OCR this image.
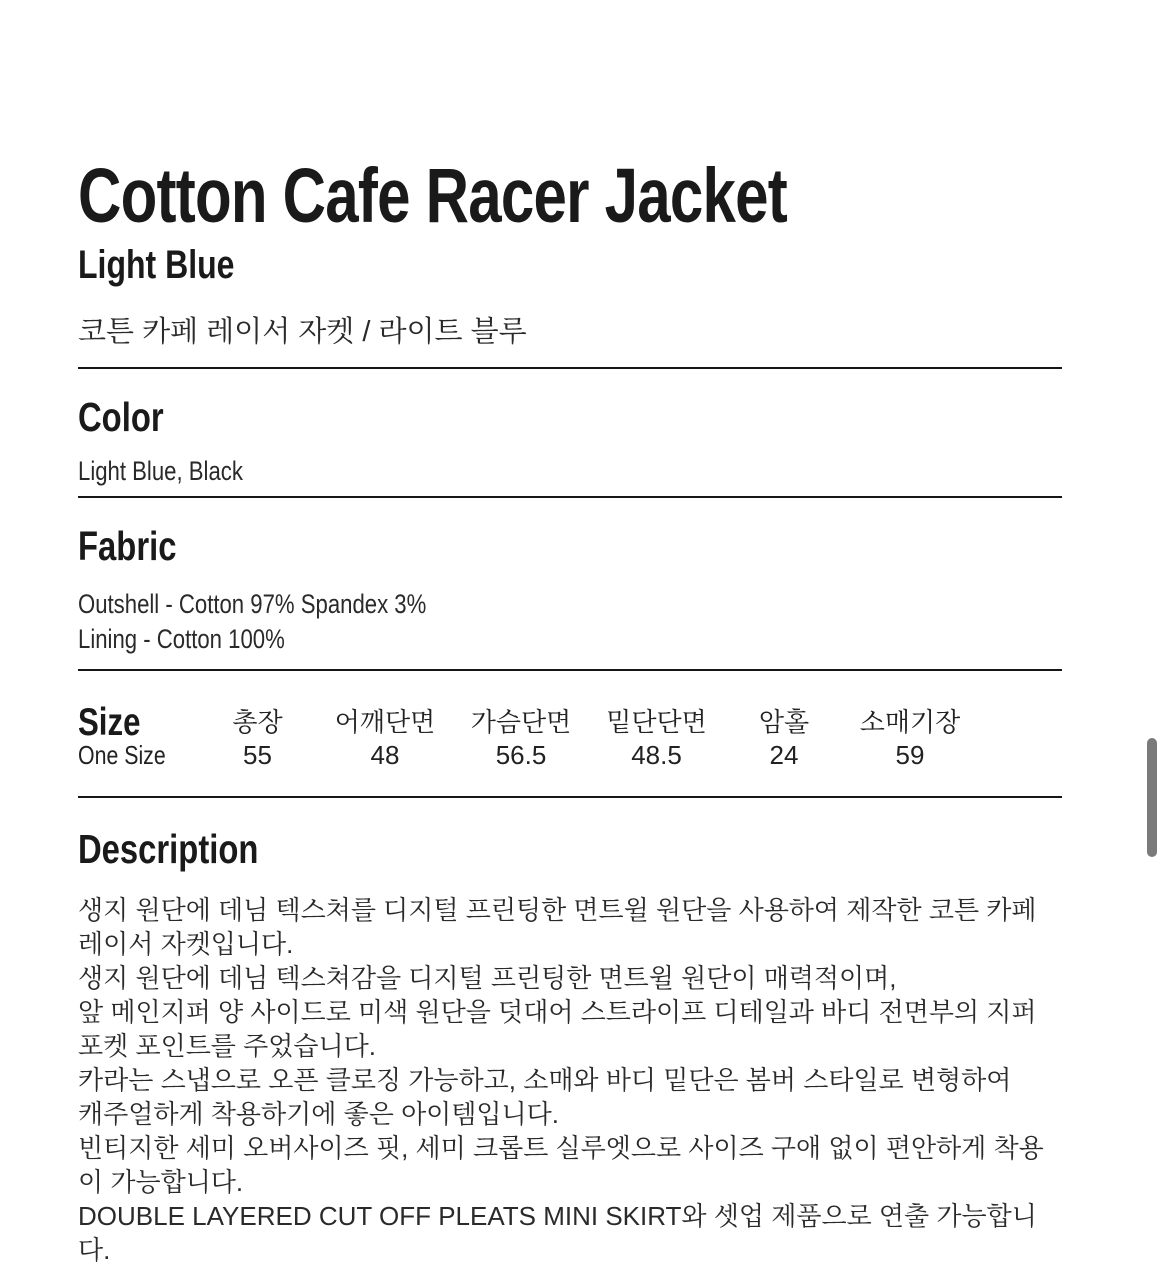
Cotton Cafe Racer Jacket
Light Blue
코튼 카페 레이서 자켓 / 라이트 블루
Color
Light Blue, Black
Fabric
Outshell - Cotton 97% Spandex 3%
Lining - Cotton 100%
Size	총장	어깨단면	가슴단면	밑단단면	암홀	소매기장
One Size	55	48	56.5	48.5	24	59
Description
생지 원단에 데님 텍스쳐를 디지털 프린팅한 면트윌 원단을 사용하여 제작한 코튼 카페 레이서 자켓입니다.
생지 원단에 데님 텍스쳐감을 디지털 프린팅한 면트윌 원단이 매력적이며,
앞 메인지퍼 양 사이드로 미색 원단을 덧대어 스트라이프 디테일과 바디 전면부의 지퍼 포켓 포인트를 주었습니다.
카라는 스냅으로 오픈 클로징 가능하고, 소매와 바디 밑단은 봄버 스타일로 변형하여
캐주얼하게 착용하기에 좋은 아이템입니다.
빈티지한 세미 오버사이즈 핏, 세미 크롭트 실루엣으로 사이즈 구애 없이 편안하게 착용이 가능합니다.
DOUBLE LAYERED CUT OFF PLEATS MINI SKIRT와 셋업 제품으로 연출 가능합니다.
